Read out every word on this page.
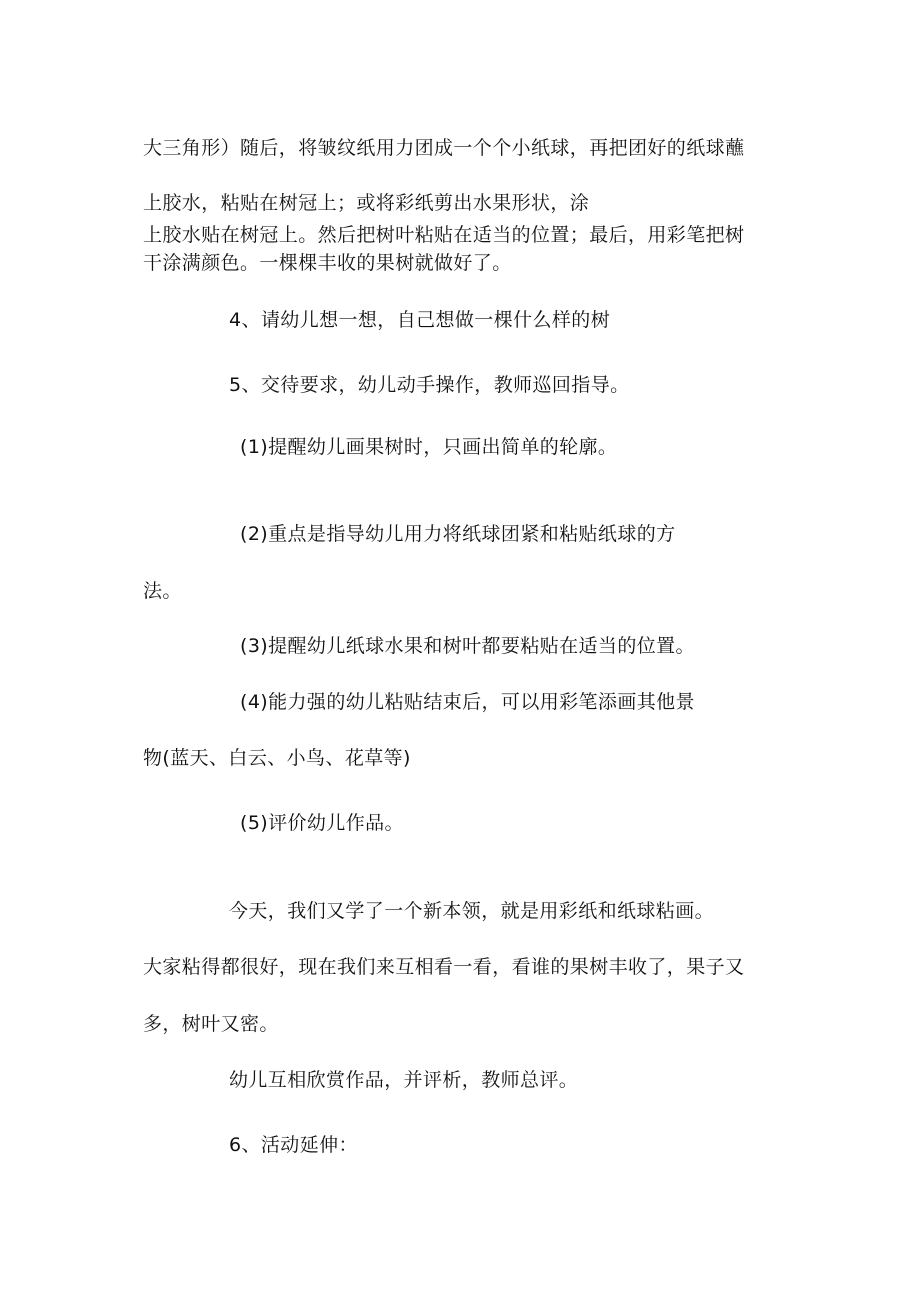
大三角形）随后，将皱纹纸用力团成一个个小纸球，再把团好的纸球蘸
上胶水，粘贴在树冠上；或将彩纸剪出水果形状，涂
上胶水贴在树冠上。然后把树叶粘贴在适当的位置；最后，用彩笔把树
干涂满颜色。一棵棵丰收的果树就做好了。
4、请幼儿想一想，自己想做一棵什么样的树
5、交待要求，幼儿动手操作，教师巡回指导。
(1)提醒幼儿画果树时，只画出简单的轮廓。
(2)重点是指导幼儿用力将纸球团紧和粘贴纸球的方
法。
(3)提醒幼儿纸球水果和树叶都要粘贴在适当的位置。
(4)能力强的幼儿粘贴结束后，可以用彩笔添画其他景
物(蓝天、白云、小鸟、花草等)
(5)评价幼儿作品。
今天，我们又学了一个新本领，就是用彩纸和纸球粘画。
大家粘得都很好，现在我们来互相看一看，看谁的果树丰收了，果子又
多，树叶又密。
幼儿互相欣赏作品，并评析，教师总评。
6、活动延伸：
